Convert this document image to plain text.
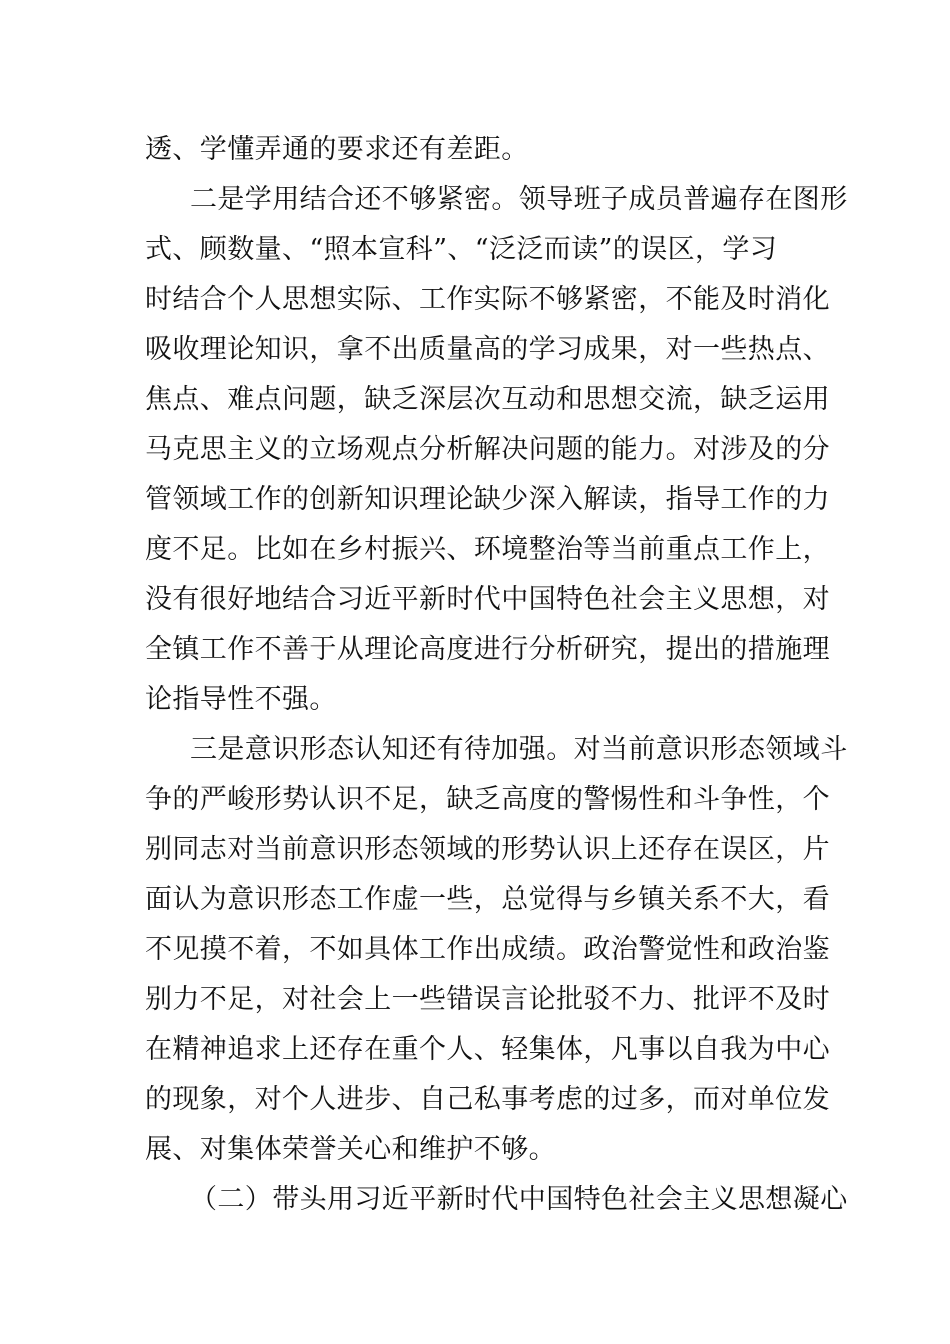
透、学懂弄通的要求还有差距。
二是学用结合还不够紧密。领导班子成员普遍存在图形
式、顾数量、“照本宣科”、“泛泛而读”的误区，学习
时结合个人思想实际、工作实际不够紧密，不能及时消化
吸收理论知识，拿不出质量高的学习成果，对一些热点、
焦点、难点问题，缺乏深层次互动和思想交流，缺乏运用
马克思主义的立场观点分析解决问题的能力。对涉及的分
管领域工作的创新知识理论缺少深入解读，指导工作的力
度不足。比如在乡村振兴、环境整治等当前重点工作上，
没有很好地结合习近平新时代中国特色社会主义思想，对
全镇工作不善于从理论高度进行分析研究，提出的措施理
论指导性不强。
三是意识形态认知还有待加强。对当前意识形态领域斗
争的严峻形势认识不足，缺乏高度的警惕性和斗争性，个
别同志对当前意识形态领域的形势认识上还存在误区，片
面认为意识形态工作虚一些，总觉得与乡镇关系不大，看
不见摸不着，不如具体工作出成绩。政治警觉性和政治鉴
别力不足，对社会上一些错误言论批驳不力、批评不及时
在精神追求上还存在重个人、轻集体，凡事以自我为中心
的现象，对个人进步、自己私事考虑的过多，而对单位发
展、对集体荣誉关心和维护不够。
（二）带头用习近平新时代中国特色社会主义思想凝心
